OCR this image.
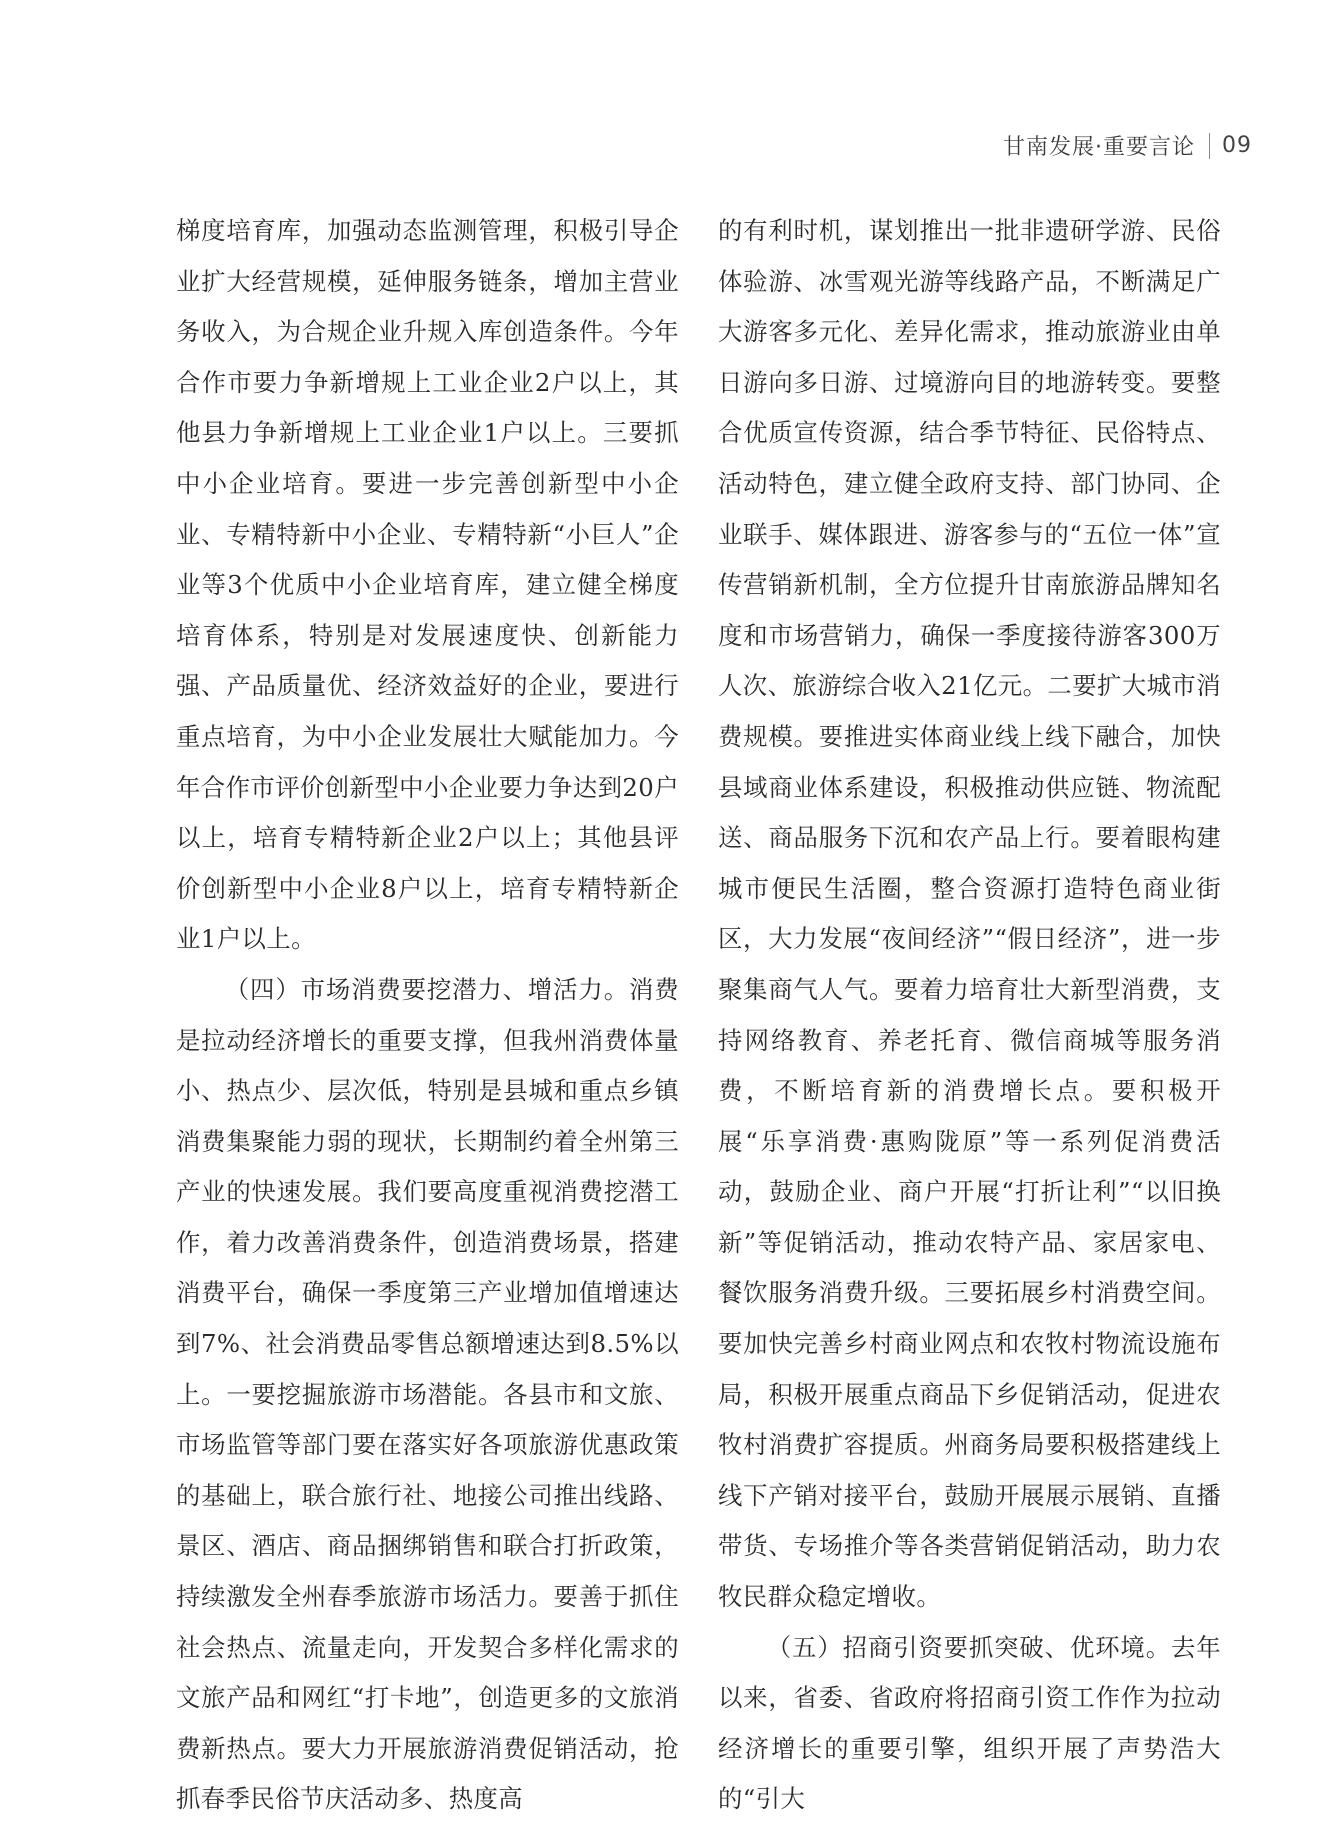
甘南发展·重要言论 09

梯度培育库，加强动态监测管理，积极引导企业扩大经营规模，延伸服务链条，增加主营业务收入，为合规企业升规入库创造条件。今年合作市要力争新增规上工业企业2户以上，其他县力争新增规上工业企业1户以上。三要抓中小企业培育。要进一步完善创新型中小企业、专精特新中小企业、专精特新“小巨人”企业等3个优质中小企业培育库，建立健全梯度培育体系，特别是对发展速度快、创新能力强、产品质量优、经济效益好的企业，要进行重点培育，为中小企业发展壮大赋能加力。今年合作市评价创新型中小企业要力争达到20户以上，培育专精特新企业2户以上；其他县评价创新型中小企业8户以上，培育专精特新企业1户以上。

（四）市场消费要挖潜力、增活力。消费是拉动经济增长的重要支撑，但我州消费体量小、热点少、层次低，特别是县城和重点乡镇消费集聚能力弱的现状，长期制约着全州第三产业的快速发展。我们要高度重视消费挖潜工作，着力改善消费条件，创造消费场景，搭建消费平台，确保一季度第三产业增加值增速达到7%、社会消费品零售总额增速达到8.5%以上。一要挖掘旅游市场潜能。各县市和文旅、市场监管等部门要在落实好各项旅游优惠政策的基础上，联合旅行社、地接公司推出线路、景区、酒店、商品捆绑销售和联合打折政策，持续激发全州春季旅游市场活力。要善于抓住社会热点、流量走向，开发契合多样化需求的文旅产品和网红“打卡地”，创造更多的文旅消费新热点。要大力开展旅游消费促销活动，抢抓春季民俗节庆活动多、热度高

的有利时机，谋划推出一批非遗研学游、民俗体验游、冰雪观光游等线路产品，不断满足广大游客多元化、差异化需求，推动旅游业由单日游向多日游、过境游向目的地游转变。要整合优质宣传资源，结合季节特征、民俗特点、活动特色，建立健全政府支持、部门协同、企业联手、媒体跟进、游客参与的“五位一体”宣传营销新机制，全方位提升甘南旅游品牌知名度和市场营销力，确保一季度接待游客300万人次、旅游综合收入21亿元。二要扩大城市消费规模。要推进实体商业线上线下融合，加快县域商业体系建设，积极推动供应链、物流配送、商品服务下沉和农产品上行。要着眼构建城市便民生活圈，整合资源打造特色商业街区，大力发展“夜间经济”“假日经济”，进一步聚集商气人气。要着力培育壮大新型消费，支持网络教育、养老托育、微信商城等服务消费，不断培育新的消费增长点。要积极开展“乐享消费·惠购陇原”等一系列促消费活动，鼓励企业、商户开展“打折让利”“以旧换新”等促销活动，推动农特产品、家居家电、餐饮服务消费升级。三要拓展乡村消费空间。要加快完善乡村商业网点和农牧村物流设施布局，积极开展重点商品下乡促销活动，促进农牧村消费扩容提质。州商务局要积极搭建线上线下产销对接平台，鼓励开展展示展销、直播带货、专场推介等各类营销促销活动，助力农牧民群众稳定增收。

（五）招商引资要抓突破、优环境。去年以来，省委、省政府将招商引资工作作为拉动经济增长的重要引擎，组织开展了声势浩大的“引大
